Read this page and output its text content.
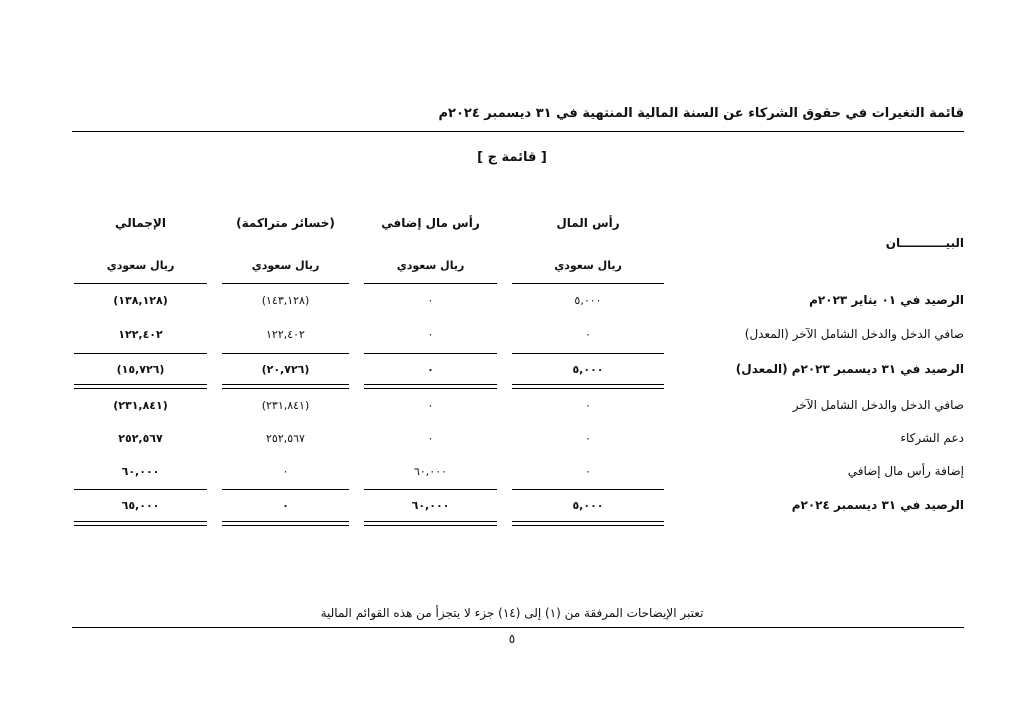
قائمة التغيرات في حقوق الشركاء عن السنة المالية المنتهية في ٣١ ديسمبر ٢٠٢٤م
[ قائمة ج ]
البيـــــــــــان
رأس المال
رأس مال إضافي
(خسائر متراكمة)
الإجمالي
ريال سعودي
ريال سعودي
ريال سعودي
ريال سعودي
الرصيد في ٠١ يناير ٢٠٢٣م
٥,٠٠٠
٠
(١٤٣,١٢٨)
(١٣٨,١٢٨)
صافي الدخل والدخل الشامل الآخر (المعدل)
٠
٠
١٢٢,٤٠٢
١٢٢,٤٠٢
الرصيد في ٣١ ديسمبر ٢٠٢٣م (المعدل)
٥,٠٠٠
٠
(٢٠,٧٢٦)
(١٥,٧٢٦)
صافي الدخل والدخل الشامل الآخر
٠
٠
(٢٣١,٨٤١)
(٢٣١,٨٤١)
دعم الشركاء
٠
٠
٢٥٢,٥٦٧
٢٥٢,٥٦٧
إضافة رأس مال إضافي
٠
٦٠,٠٠٠
٠
٦٠,٠٠٠
الرصيد في ٣١ ديسمبر ٢٠٢٤م
٥,٠٠٠
٦٠,٠٠٠
٠
٦٥,٠٠٠
تعتبر الإيضاحات المرفقة من (١) إلى (١٤) جزء لا يتجزأ من هذه القوائم المالية
٥
